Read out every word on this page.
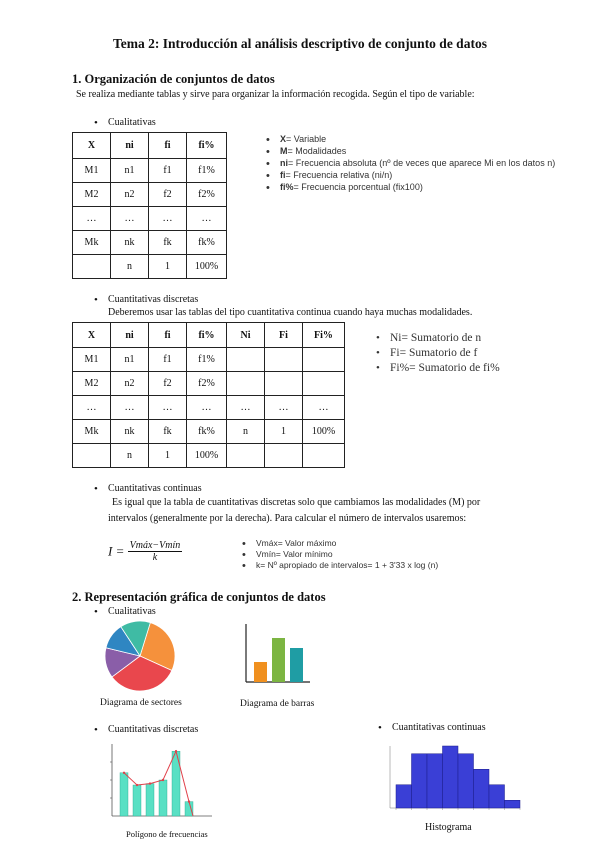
Tema 2: Introducción al análisis descriptivo de conjunto de datos
1. Organización de conjuntos de datos
Se realiza mediante tablas y sirve para organizar la información recogida. Según el tipo de variable:
• Cualitativas
X	ni	fi	fi%
M1	n1	f1	f1%
M2	n2	f2	f2%
…	…	…	…
Mk	nk	fk	fk%
	n	1	100%
• X= Variable
• M= Modalidades
• ni= Frecuencia absoluta (nº de veces que aparece Mi en los datos n)
• fi= Frecuencia relativa (ni/n)
• fi%= Frecuencia porcentual (fix100)
• Cuantitativas discretas
Deberemos usar las tablas del tipo cuantitativa continua cuando haya muchas modalidades.
X	ni	fi	fi%	Ni	Fi	Fi%
M1	n1	f1	f1%			
M2	n2	f2	f2%			
…	…	…	…	…	…	…
Mk	nk	fk	fk%	n	1	100%
	n	1	100%			
• Ni= Sumatorio de n
• Fi= Sumatorio de f
• Fi%= Sumatorio de fi%
• Cuantitativas continuas
Es igual que la tabla de cuantitativas discretas solo que cambiamos las modalidades (M) por
intervalos (generalmente por la derecha). Para calcular el número de intervalos usaremos:
$I = \frac{\text{Vmáx−Vmín}}{k}$	• Vmáx= Valor máximo
• Vmín= Valor mínimo
• k= Nº apropiado de intervalos= 1 + 3'33 x log (n)
2. Representación gráfica de conjuntos de datos
• Cualitativas
Diagrama de sectores	Diagrama de barras
• Cuantitativas discretas
Polígono de frecuencias
• Cuantitativas continuas
Histograma
